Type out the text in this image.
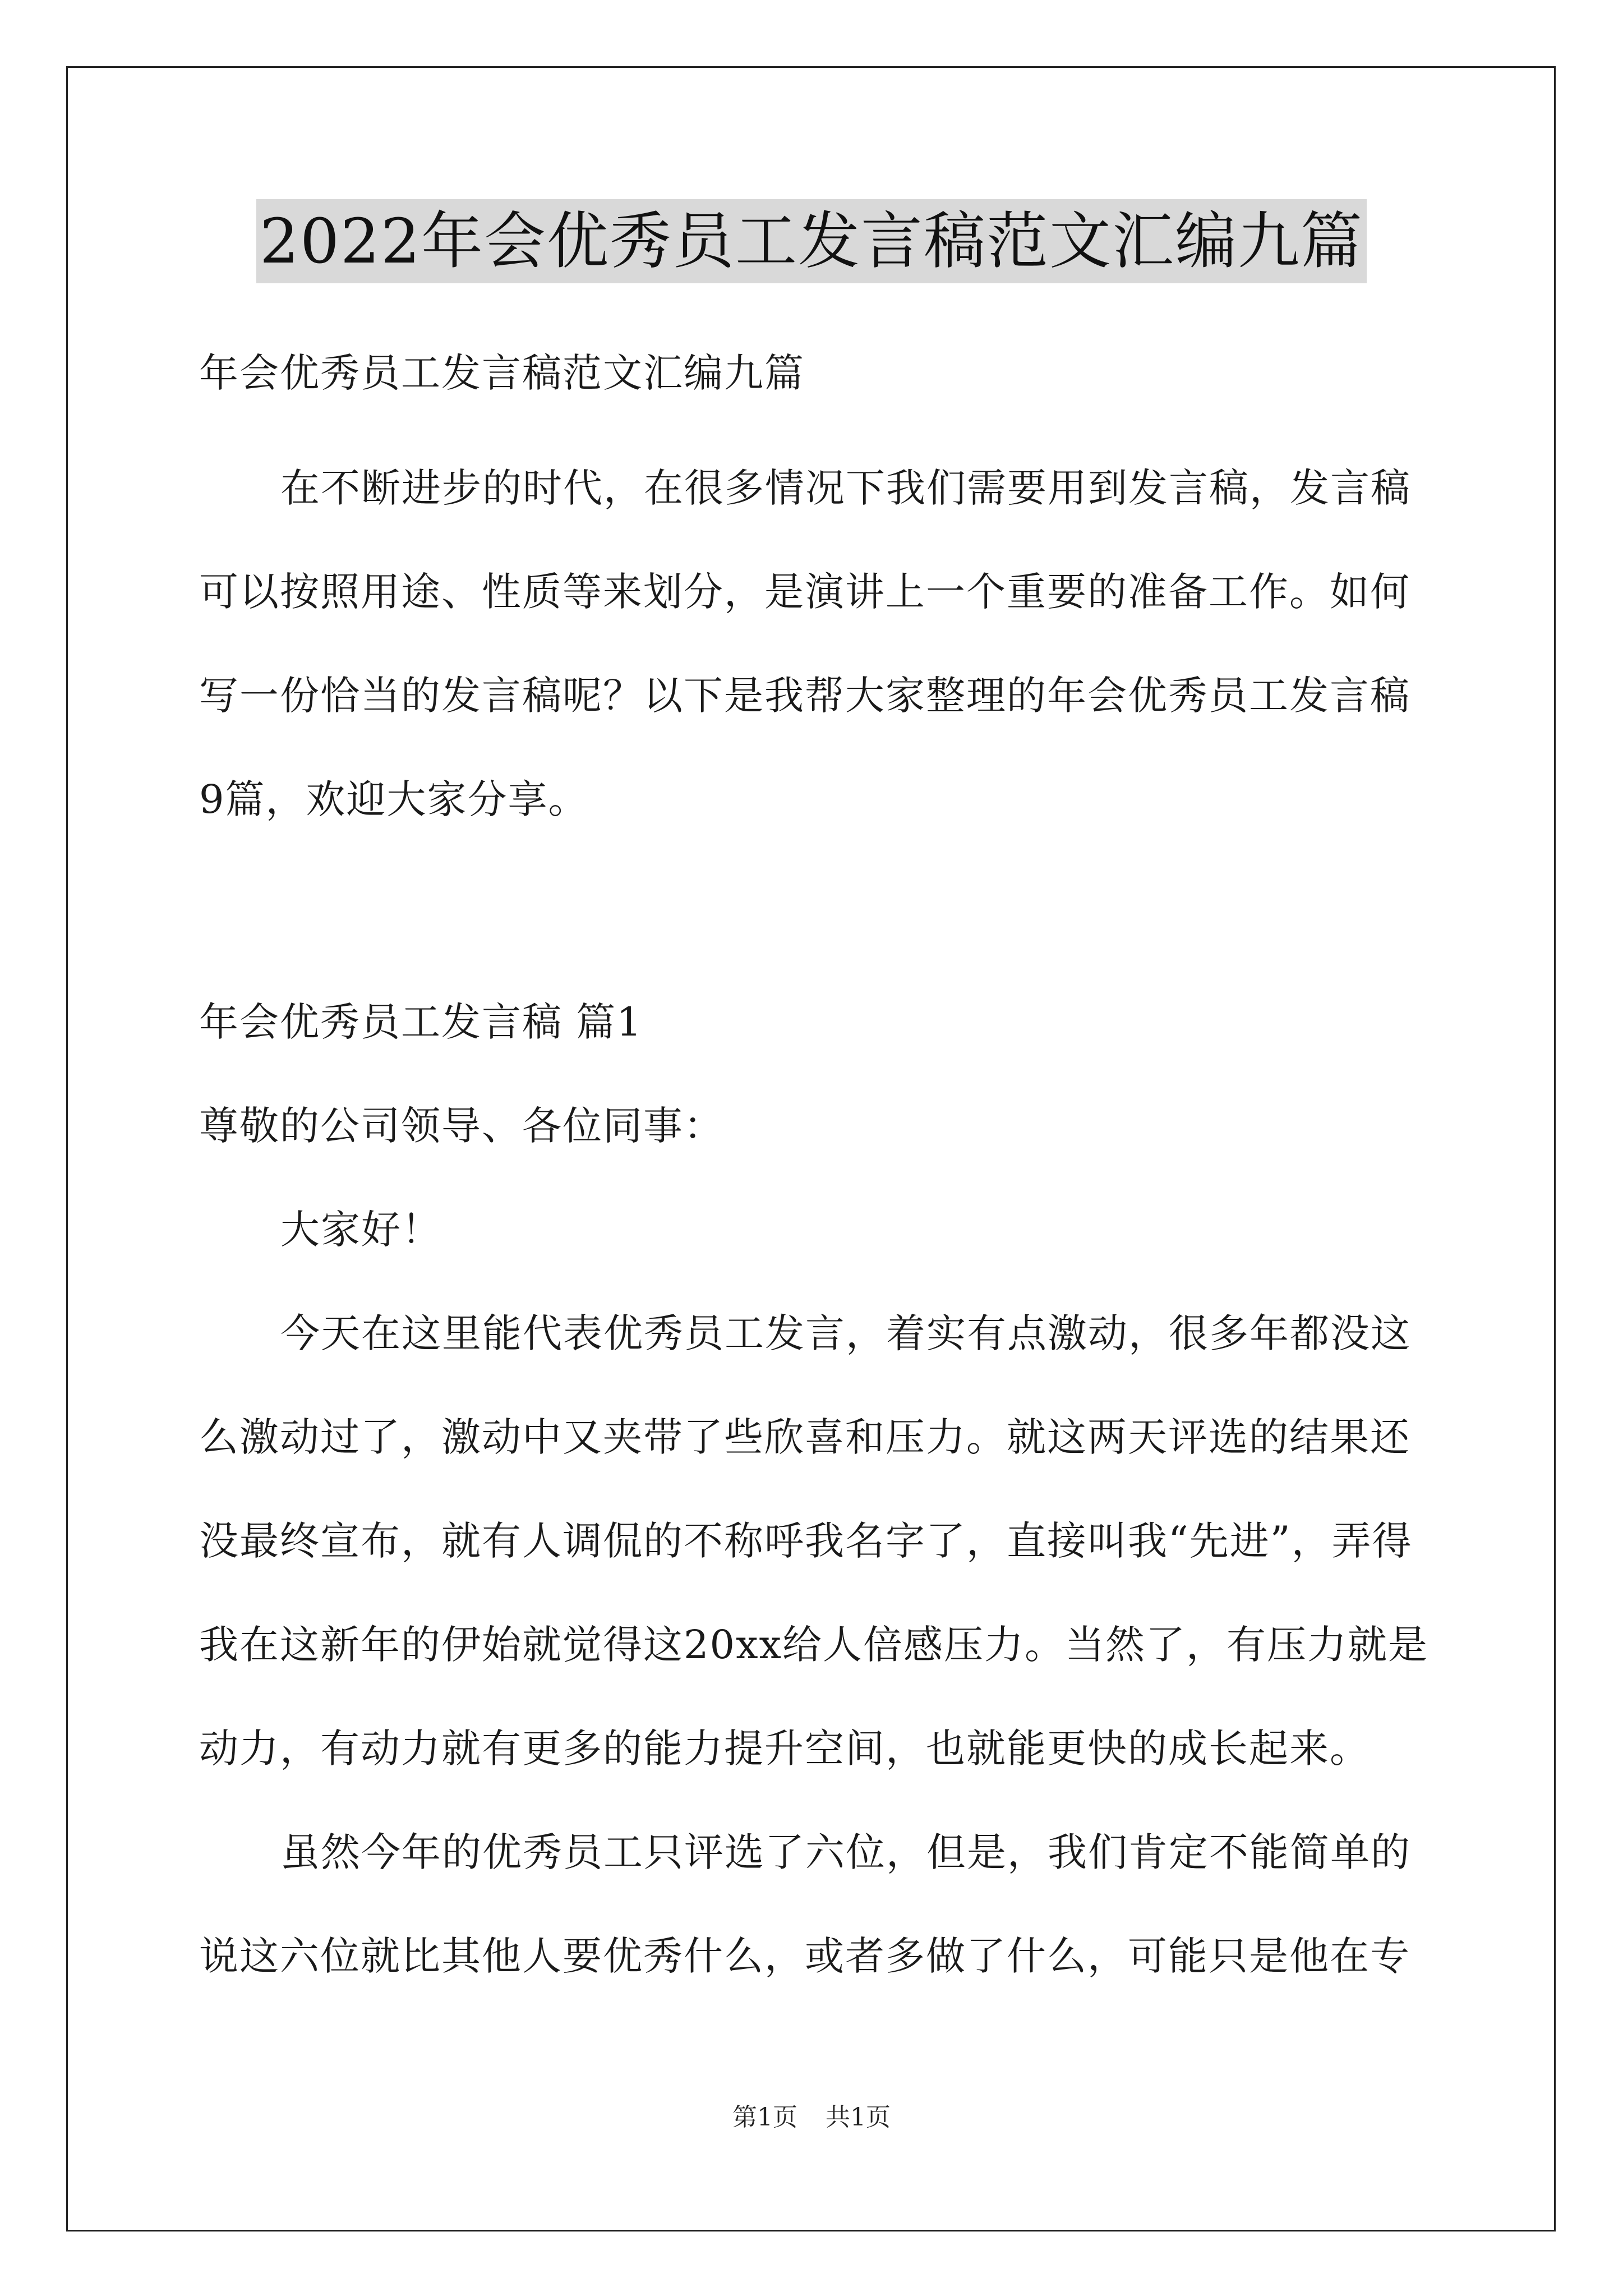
2022年会优秀员工发言稿范文汇编九篇

年会优秀员工发言稿范文汇编九篇

在不断进步的时代，在很多情况下我们需要用到发言稿，发言稿

可以按照用途、性质等来划分，是演讲上一个重要的准备工作。如何

写一份恰当的发言稿呢？以下是我帮大家整理的年会优秀员工发言稿

9篇，欢迎大家分享。

年会优秀员工发言稿 篇1

尊敬的公司领导、各位同事：

大家好！

今天在这里能代表优秀员工发言，着实有点激动，很多年都没这

么激动过了，激动中又夹带了些欣喜和压力。就这两天评选的结果还

没最终宣布，就有人调侃的不称呼我名字了，直接叫我“先进”，弄得

我在这新年的伊始就觉得这20xx给人倍感压力。当然了，有压力就是

动力，有动力就有更多的能力提升空间，也就能更快的成长起来。

虽然今年的优秀员工只评选了六位，但是，我们肯定不能简单的

说这六位就比其他人要优秀什么，或者多做了什么，可能只是他在专

第1页 共1页
